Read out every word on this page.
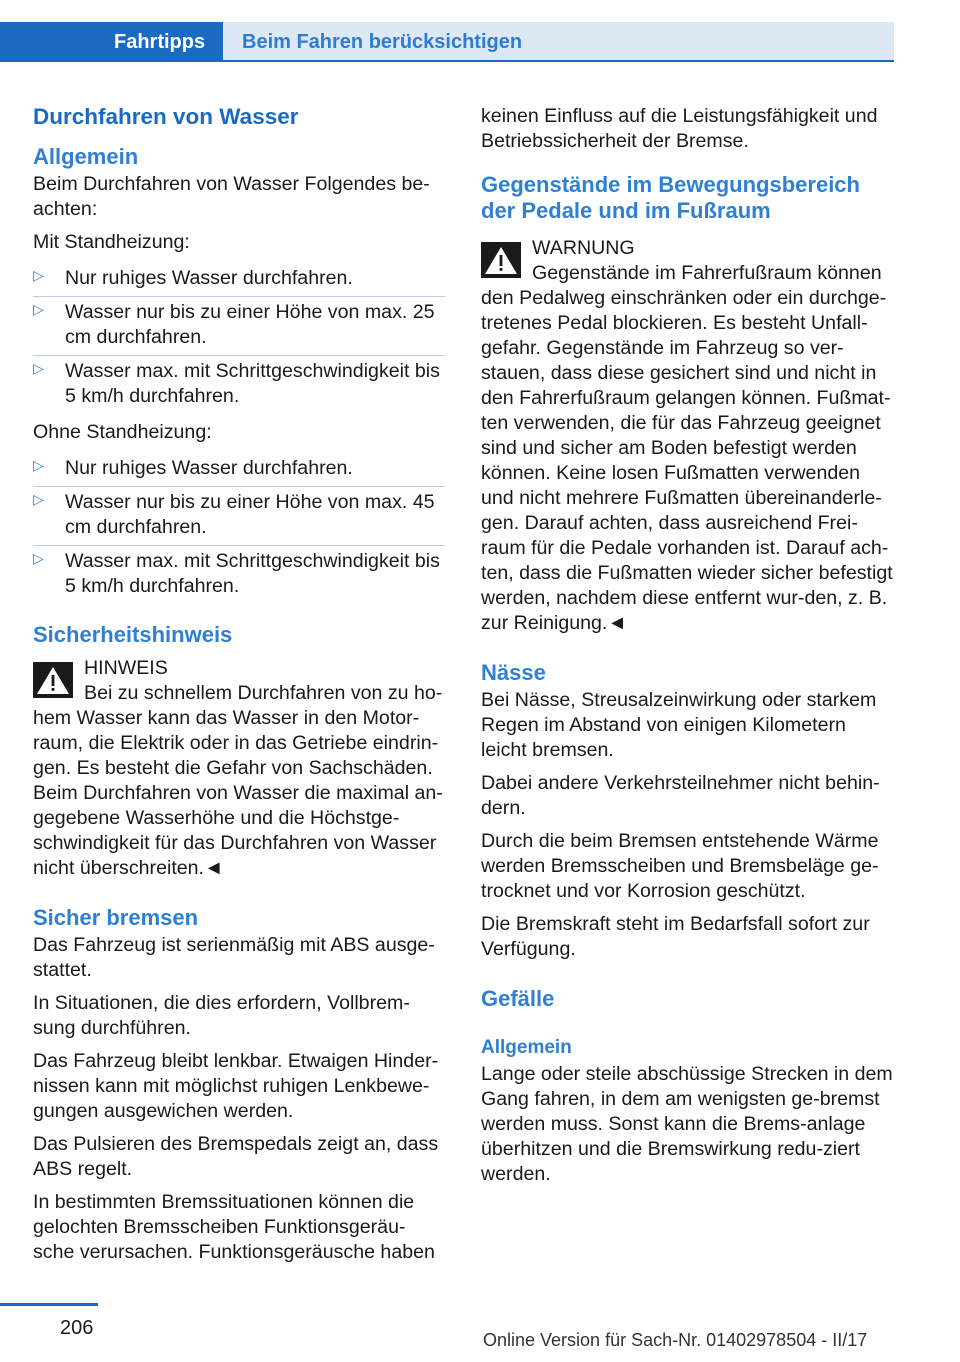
Fahrtipps	Beim Fahren berücksichtigen
Durchfahren von Wasser
Allgemein

Beim Durchfahren von Wasser Folgendes be-achten:

Mit Standheizung:

▷ Nur ruhiges Wasser durchfahren.
▷ Wasser nur bis zu einer Höhe von max. 25 cm durchfahren.
▷ Wasser max. mit Schrittgeschwindigkeit bis 5 km/h durchfahren.

Ohne Standheizung:

▷ Nur ruhiges Wasser durchfahren.
▷ Wasser nur bis zu einer Höhe von max. 45 cm durchfahren.
▷ Wasser max. mit Schrittgeschwindigkeit bis 5 km/h durchfahren.
Sicherheitshinweis
HINWEIS
Bei zu schnellem Durchfahren von zu ho-hem Wasser kann das Wasser in den Motor-raum, die Elektrik oder in das Getriebe eindrin-gen. Es besteht die Gefahr von Sachschäden. Beim Durchfahren von Wasser die maximal an-gegebene Wasserhöhe und die Höchstge-schwindigkeit für das Durchfahren von Wasser nicht überschreiten.◄
Sicher bremsen

Das Fahrzeug ist serienmäßig mit ABS ausge-stattet.

In Situationen, die dies erfordern, Vollbrem-sung durchführen.

Das Fahrzeug bleibt lenkbar. Etwaigen Hinder-nissen kann mit möglichst ruhigen Lenkbewe-gungen ausgewichen werden.

Das Pulsieren des Bremspedals zeigt an, dass ABS regelt.

In bestimmten Bremssituationen können die gelochten Bremsscheiben Funktionsgeräu-sche verursachen. Funktionsgeräusche haben

keinen Einfluss auf die Leistungsfähigkeit und Betriebssicherheit der Bremse.

Gegenstände im Bewegungsbereich der Pedale und im Fußraum
WARNUNG
Gegenstände im Fahrerfußraum können den Pedalweg einschränken oder ein durchge-tretenes Pedal blockieren. Es besteht Unfall-gefahr. Gegenstände im Fahrzeug so ver-stauen, dass diese gesichert sind und nicht in den Fahrerfußraum gelangen können. Fußmat-ten verwenden, die für das Fahrzeug geeignet sind und sicher am Boden befestigt werden können. Keine losen Fußmatten verwenden und nicht mehrere Fußmatten übereinanderle-gen. Darauf achten, dass ausreichend Frei-raum für die Pedale vorhanden ist. Darauf ach-ten, dass die Fußmatten wieder sicher befestigt werden, nachdem diese entfernt wur-den, z. B. zur Reinigung.◄
Nässe

Bei Nässe, Streusalzeinwirkung oder starkem Regen im Abstand von einigen Kilometern leicht bremsen.

Dabei andere Verkehrsteilnehmer nicht behin-dern.

Durch die beim Bremsen entstehende Wärme werden Bremsscheiben und Bremsbeläge ge-trocknet und vor Korrosion geschützt.

Die Bremskraft steht im Bedarfsfall sofort zur Verfügung.

Gefälle
Allgemein

Lange oder steile abschüssige Strecken in dem Gang fahren, in dem am wenigsten ge-bremst werden muss. Sonst kann die Brems-anlage überhitzen und die Bremswirkung redu-ziert werden.

206
Online Version für Sach-Nr. 01402978504 - II/17
